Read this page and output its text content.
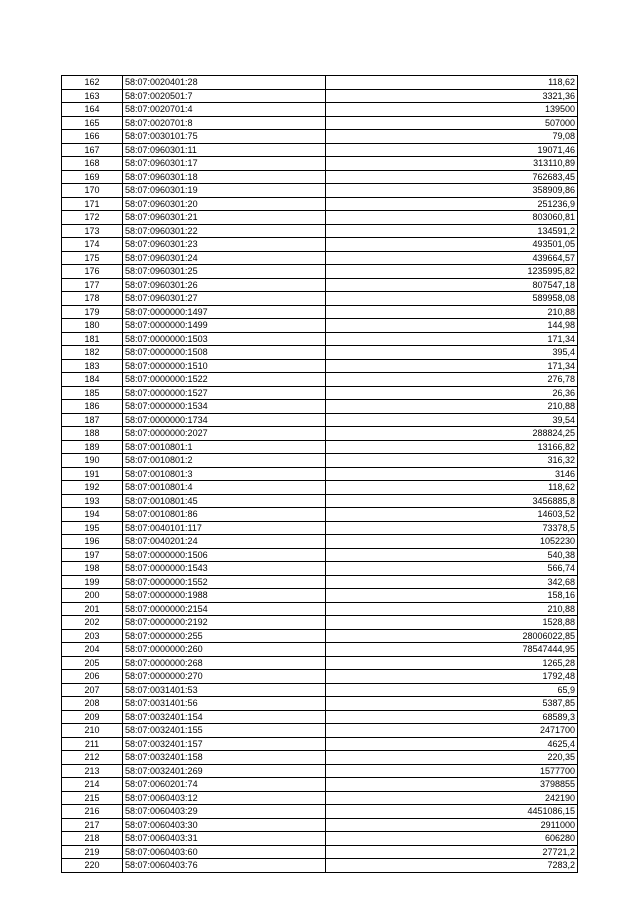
162	58:07:0020401:28	118,62
163	58:07:0020501:7	3321,36
164	58:07:0020701:4	139500
165	58:07:0020701:8	507000
166	58:07:0030101:75	79,08
167	58:07:0960301:11	19071,46
168	58:07:0960301:17	313110,89
169	58:07:0960301:18	762683,45
170	58:07:0960301:19	358909,86
171	58:07:0960301:20	251236,9
172	58:07:0960301:21	803060,81
173	58:07:0960301:22	134591,2
174	58:07:0960301:23	493501,05
175	58:07:0960301:24	439664,57
176	58:07:0960301:25	1235995,82
177	58:07:0960301:26	807547,18
178	58:07:0960301:27	589958,08
179	58:07:0000000:1497	210,88
180	58:07:0000000:1499	144,98
181	58:07:0000000:1503	171,34
182	58:07:0000000:1508	395,4
183	58:07:0000000:1510	171,34
184	58:07:0000000:1522	276,78
185	58:07:0000000:1527	26,36
186	58:07:0000000:1534	210,88
187	58:07:0000000:1734	39,54
188	58:07:0000000:2027	288824,25
189	58:07:0010801:1	13166,82
190	58:07:0010801:2	316,32
191	58:07:0010801:3	3146
192	58:07:0010801:4	118,62
193	58:07:0010801:45	3456885,8
194	58:07:0010801:86	14603,52
195	58:07:0040101:117	73378,5
196	58:07:0040201:24	1052230
197	58:07:0000000:1506	540,38
198	58:07:0000000:1543	566,74
199	58:07:0000000:1552	342,68
200	58:07:0000000:1988	158,16
201	58:07:0000000:2154	210,88
202	58:07:0000000:2192	1528,88
203	58:07:0000000:255	28006022,85
204	58:07:0000000:260	78547444,95
205	58:07:0000000:268	1265,28
206	58:07:0000000:270	1792,48
207	58:07:0031401:53	65,9
208	58:07:0031401:56	5387,85
209	58:07:0032401:154	68589,3
210	58:07:0032401:155	2471700
211	58:07:0032401:157	4625,4
212	58:07:0032401:158	220,35
213	58:07:0032401:269	1577700
214	58:07:0060201:74	3798855
215	58:07:0060403:12	242190
216	58:07:0060403:29	4451086,15
217	58:07:0060403:30	2911000
218	58:07:0060403:31	606280
219	58:07:0060403:60	27721,2
220	58:07:0060403:76	7283,2
